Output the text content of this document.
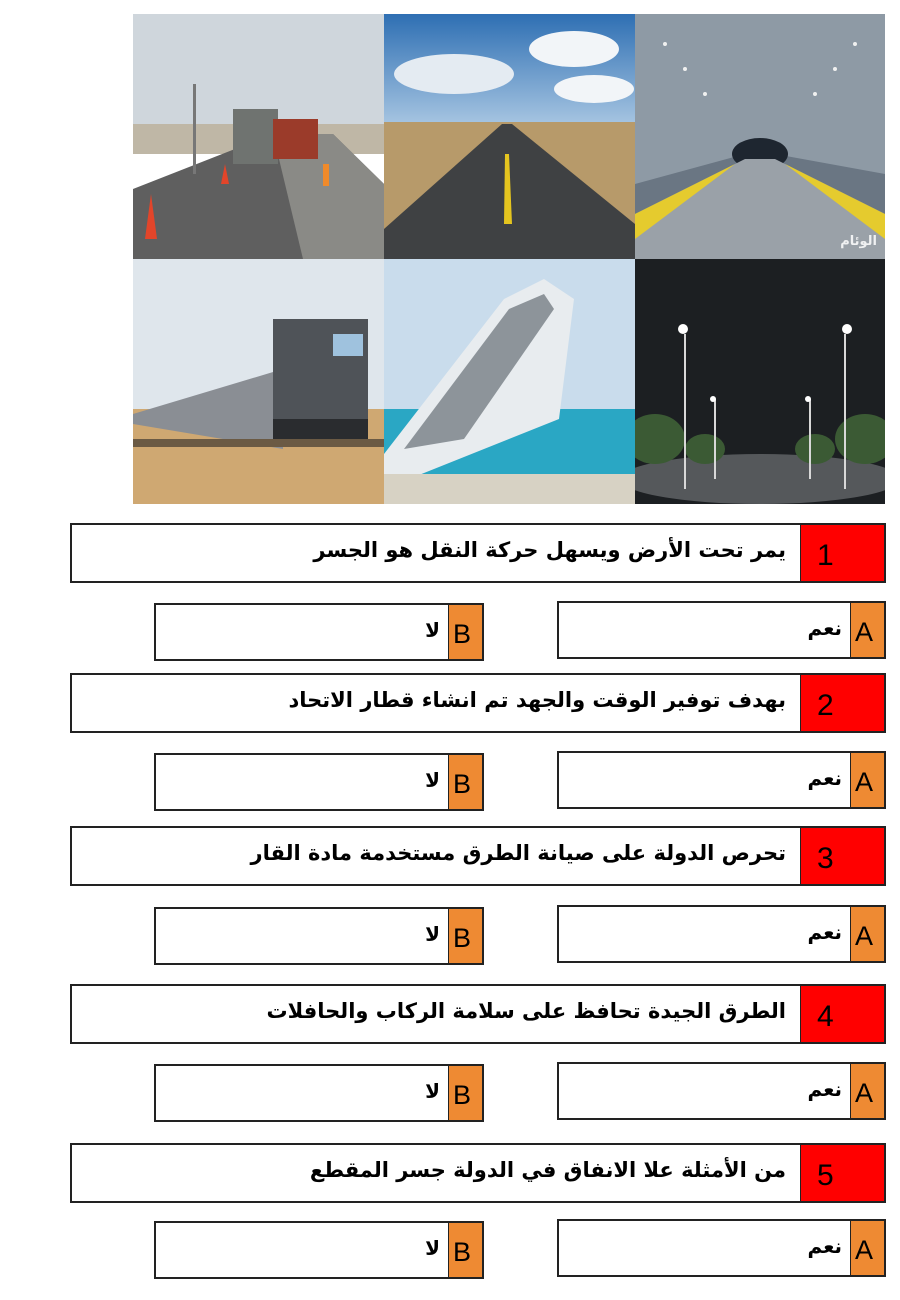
الوئام
1
يمر تحت الأرض ويسهل حركة النقل هو الجسر
A
نعم
B
لا
2
بهدف توفير الوقت والجهد تم انشاء قطار الاتحاد
A
نعم
B
لا
3
تحرص الدولة على صيانة الطرق مستخدمة مادة القار
A
نعم
B
لا
4
الطرق الجيدة تحافظ على سلامة الركاب والحافلات
A
نعم
B
لا
5
من الأمثلة علا الانفاق في الدولة جسر المقطع
A
نعم
B
لا
